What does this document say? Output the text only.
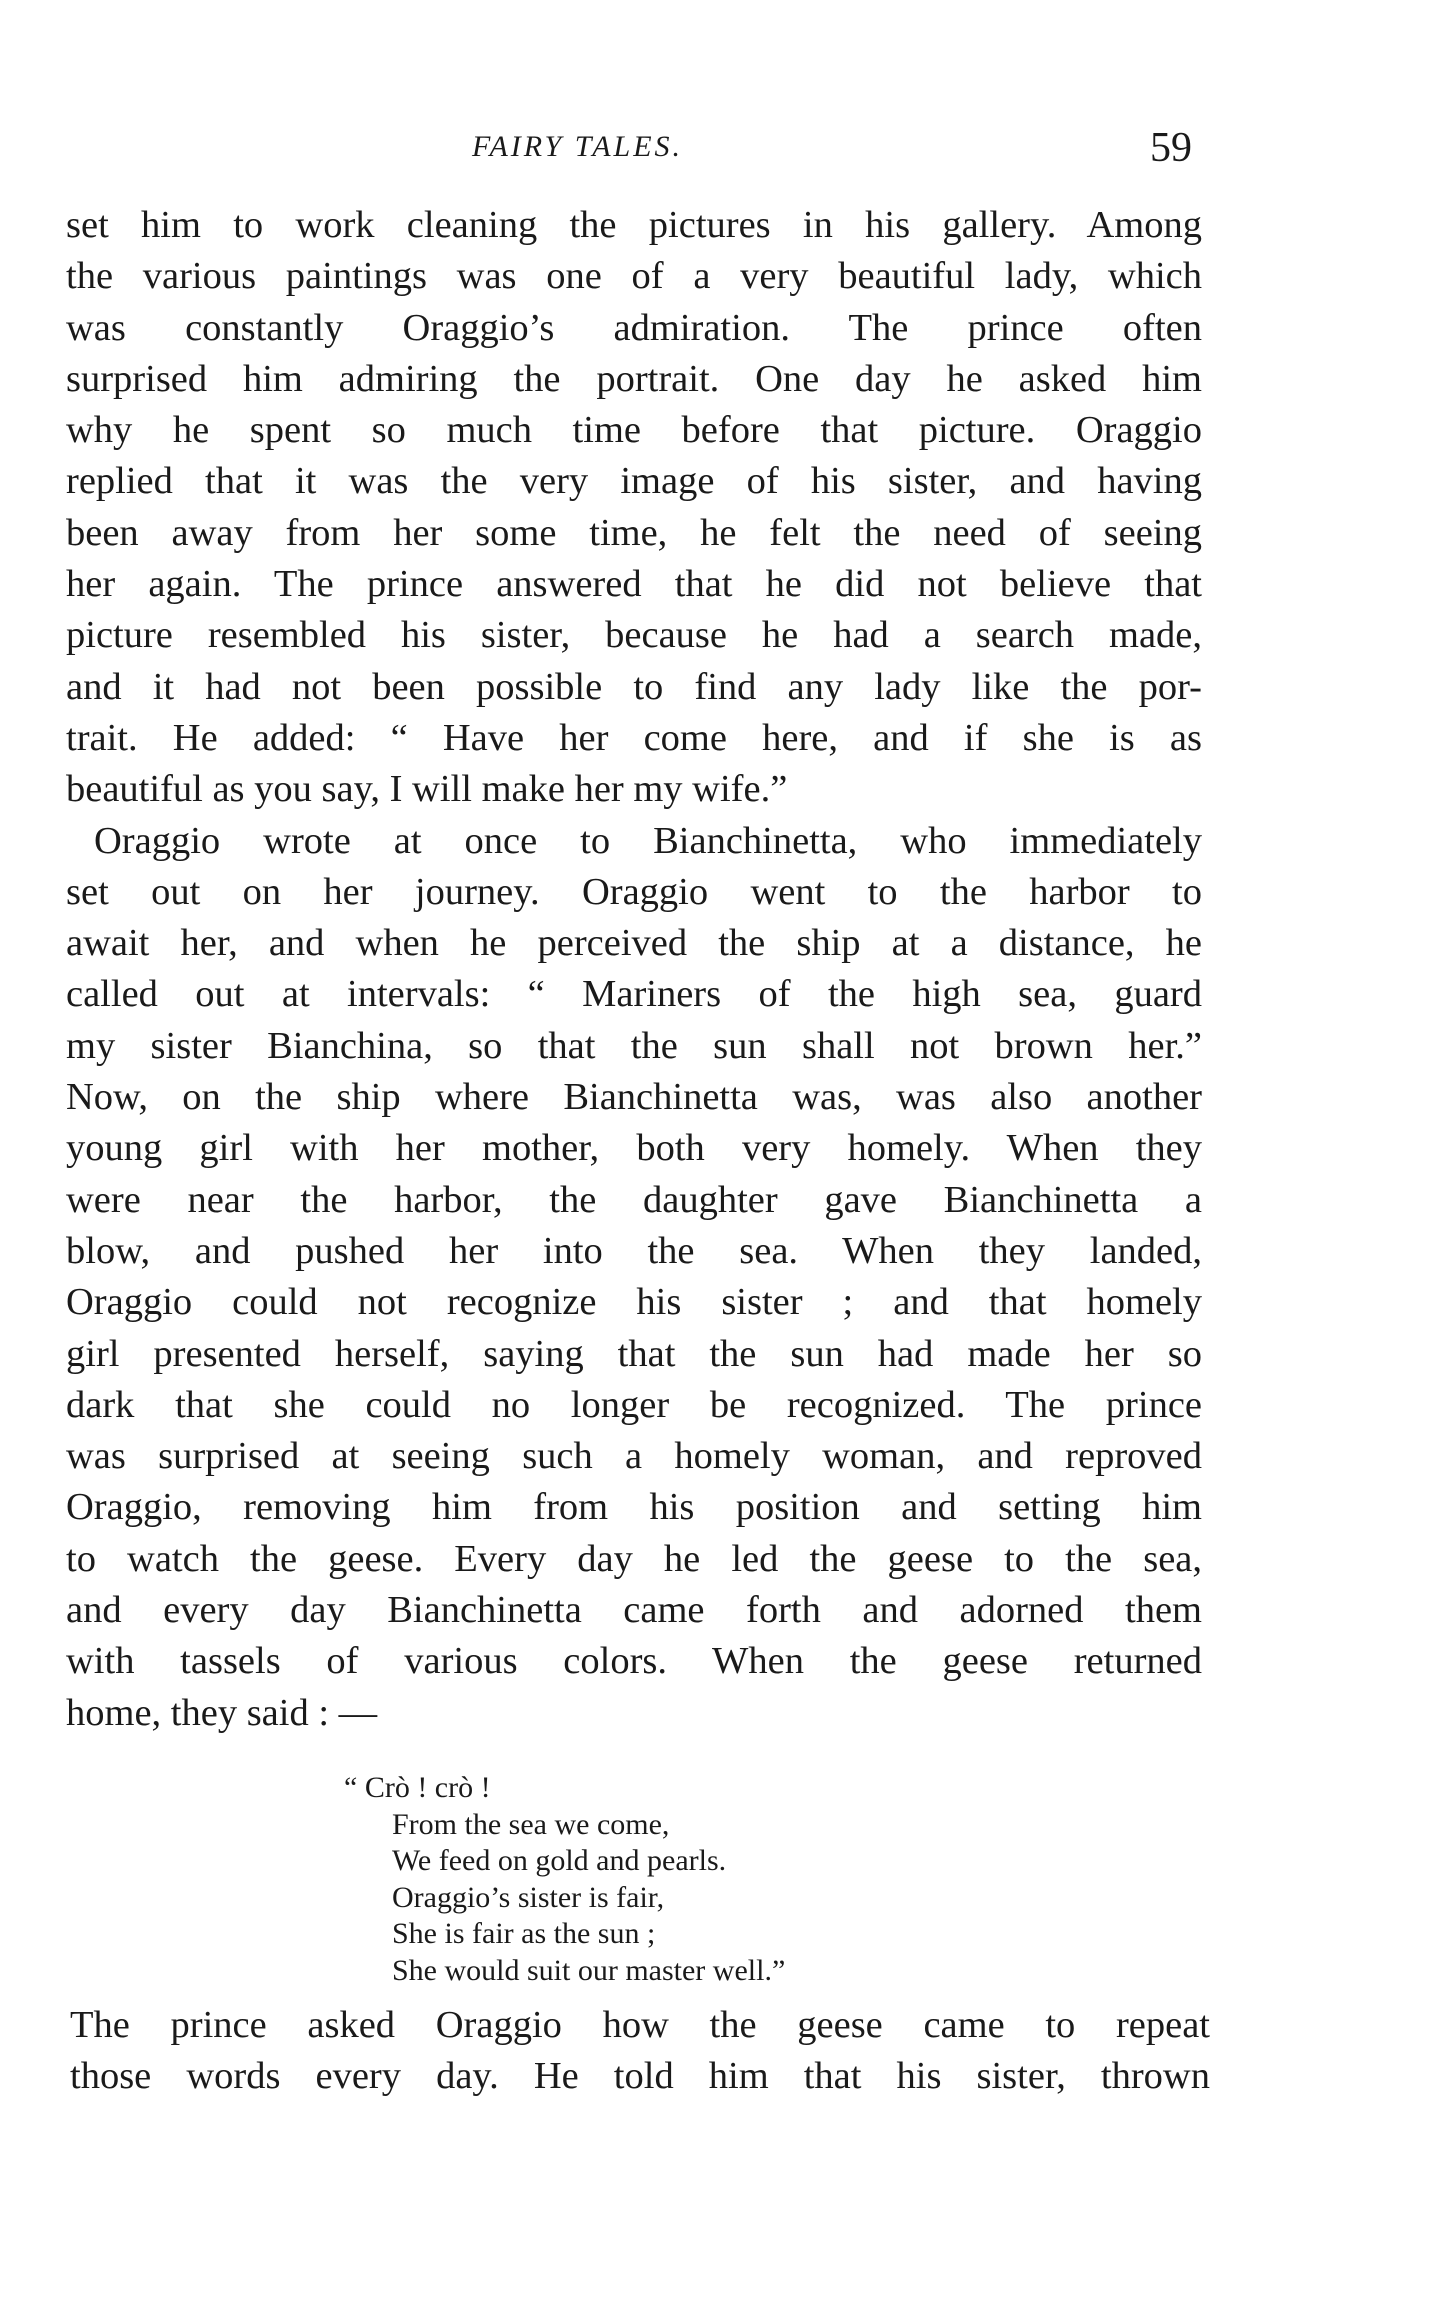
FAIRY TALES.	59

set him to work cleaning the pictures in his gallery. Among
the various paintings was one of a very beautiful lady, which
was constantly Oraggio’s admiration. The prince often
surprised him admiring the portrait. One day he asked him
why he spent so much time before that picture. Oraggio
replied that it was the very image of his sister, and having
been away from her some time, he felt the need of seeing
her again. The prince answered that he did not believe that
picture resembled his sister, because he had a search made,
and it had not been possible to find any lady like the por-
trait. He added: “ Have her come here, and if she is as
beautiful as you say, I will make her my wife.”

Oraggio wrote at once to Bianchinetta, who immediately
set out on her journey. Oraggio went to the harbor to
await her, and when he perceived the ship at a distance, he
called out at intervals: “ Mariners of the high sea, guard
my sister Bianchina, so that the sun shall not brown her.”
Now, on the ship where Bianchinetta was, was also another
young girl with her mother, both very homely. When they
were near the harbor, the daughter gave Bianchinetta a
blow, and pushed her into the sea. When they landed,
Oraggio could not recognize his sister ; and that homely
girl presented herself, saying that the sun had made her so
dark that she could no longer be recognized. The prince
was surprised at seeing such a homely woman, and reproved
Oraggio, removing him from his position and setting him
to watch the geese. Every day he led the geese to the sea,
and every day Bianchinetta came forth and adorned them
with tassels of various colors. When the geese returned
home, they said : —

“ Crò ! crò !
From the sea we come,
We feed on gold and pearls.
Oraggio’s sister is fair,
She is fair as the sun ;
She would suit our master well.”

The prince asked Oraggio how the geese came to repeat
those words every day. He told him that his sister, thrown
